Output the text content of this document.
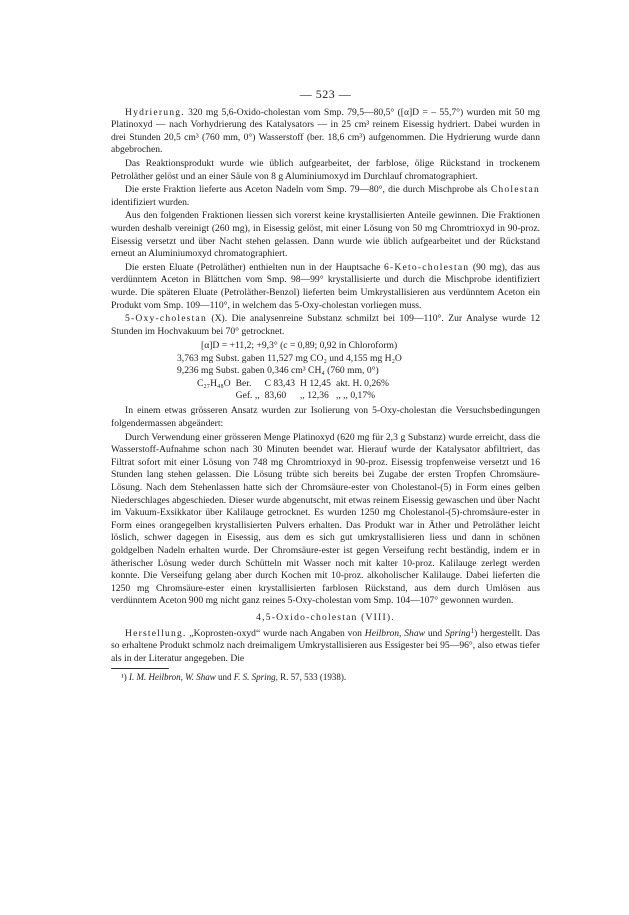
— 523 —

Hydrierung. 320 mg 5,6-Oxido-cholestan vom Smp. 79,5—80,5° ([α]D = – 55,7°) wurden mit 50 mg Platinoxyd — nach Vorhydrierung des Katalysators — in 25 cm³ reinem Eisessig hydriert. Dabei wurden in drei Stunden 20,5 cm³ (760 mm, 0°) Wasserstoff (ber. 18,6 cm³) aufgenommen. Die Hydrierung wurde dann abgebrochen.

Das Reaktionsprodukt wurde wie üblich aufgearbeitet, der farblose, ölige Rückstand in trockenem Petroläther gelöst und an einer Säule von 8 g Aluminiumoxyd im Durchlauf chromatographiert.

Die erste Fraktion lieferte aus Aceton Nadeln vom Smp. 79—80°, die durch Mischprobe als Cholestan identifiziert wurden.

Aus den folgenden Fraktionen liessen sich vorerst keine krystallisierten Anteile gewinnen. Die Fraktionen wurden deshalb vereinigt (260 mg), in Eisessig gelöst, mit einer Lösung von 50 mg Chromtrioxyd in 90-proz. Eisessig versetzt und über Nacht stehen gelassen. Dann wurde wie üblich aufgearbeitet und der Rückstand erneut an Aluminiumoxyd chromatographiert.

Die ersten Eluate (Petroläther) enthielten nun in der Hauptsache 6-Keto-cholestan (90 mg), das aus verdünntem Aceton in Blättchen vom Smp. 98—99° krystallisierte und durch die Mischprobe identifiziert wurde. Die späteren Eluate (Petroläther-Benzol) lieferten beim Umkrystallisieren aus verdünntem Aceton ein Produkt vom Smp. 109—110°, in welchem das 5-Oxy-cholestan vorliegen muss.

5-Oxy-cholestan (X). Die analysenreine Substanz schmilzt bei 109—110°. Zur Analyse wurde 12 Stunden im Hochvakuum bei 70° getrocknet.

[α]D = +11,2; +9,3° (c = 0,89; 0,92 in Chloroform)
3,763 mg Subst. gaben 11,527 mg CO₂ und 4,155 mg H₂O
9,236 mg Subst. gaben 0,346 cm³ CH₄ (760 mm, 0°)
C₂₇H₄₈O	Ber.	C 83,43	H 12,45	akt. H. 0,26%
	Gef. ,,	83,60	,, 12,36	,, ,, 0,17%

In einem etwas grösseren Ansatz wurden zur Isolierung von 5-Oxy-cholestan die Versuchsbedingungen folgendermassen abgeändert:

Durch Verwendung einer grösseren Menge Platinoxyd (620 mg für 2,3 g Substanz) wurde erreicht, dass die Wasserstoff-Aufnahme schon nach 30 Minuten beendet war. Hierauf wurde der Katalysator abfiltriert, das Filtrat sofort mit einer Lösung von 748 mg Chromtrioxyd in 90-proz. Eisessig tropfenweise versetzt und 16 Stunden lang stehen gelassen. Die Lösung trübte sich bereits bei Zugabe der ersten Tropfen Chromsäure-Lösung. Nach dem Stehenlassen hatte sich der Chromsäure-ester von Cholestanol-(5) in Form eines gelben Niederschlages abgeschieden. Dieser wurde abgenutscht, mit etwas reinem Eisessig gewaschen und über Nacht im Vakuum-Exsikkator über Kalilauge getrocknet. Es wurden 1250 mg Cholestanol-(5)-chromsäure-ester in Form eines orangegelben krystallisierten Pulvers erhalten. Das Produkt war in Äther und Petroläther leicht löslich, schwer dagegen in Eisessig, aus dem es sich gut umkrystallisieren liess und dann in schönen goldgelben Nadeln erhalten wurde. Der Chromsäure-ester ist gegen Verseifung recht beständig, indem er in ätherischer Lösung weder durch Schütteln mit Wasser noch mit kalter 10-proz. Kalilauge zerlegt werden konnte. Die Verseifung gelang aber durch Kochen mit 10-proz. alkoholischer Kalilauge. Dabei lieferten die 1250 mg Chromsäure-ester einen krystallisierten farblosen Rückstand, aus dem durch Umlösen aus verdünntem Aceton 900 mg nicht ganz reines 5-Oxy-cholestan vom Smp. 104—107° gewonnen wurden.

4,5-Oxido-cholestan (VIII).

Herstellung. „Koprosten-oxyd“ wurde nach Angaben von Heilbron, Shaw und Spring$^1$) hergestellt. Das so erhaltene Produkt schmolz nach dreimaligem Umkrystallisieren aus Essigester bei 95—96°, also etwas tiefer als in der Literatur angegeben. Die

¹) I. M. Heilbron, W. Shaw und F. S. Spring, R. 57, 533 (1938).
